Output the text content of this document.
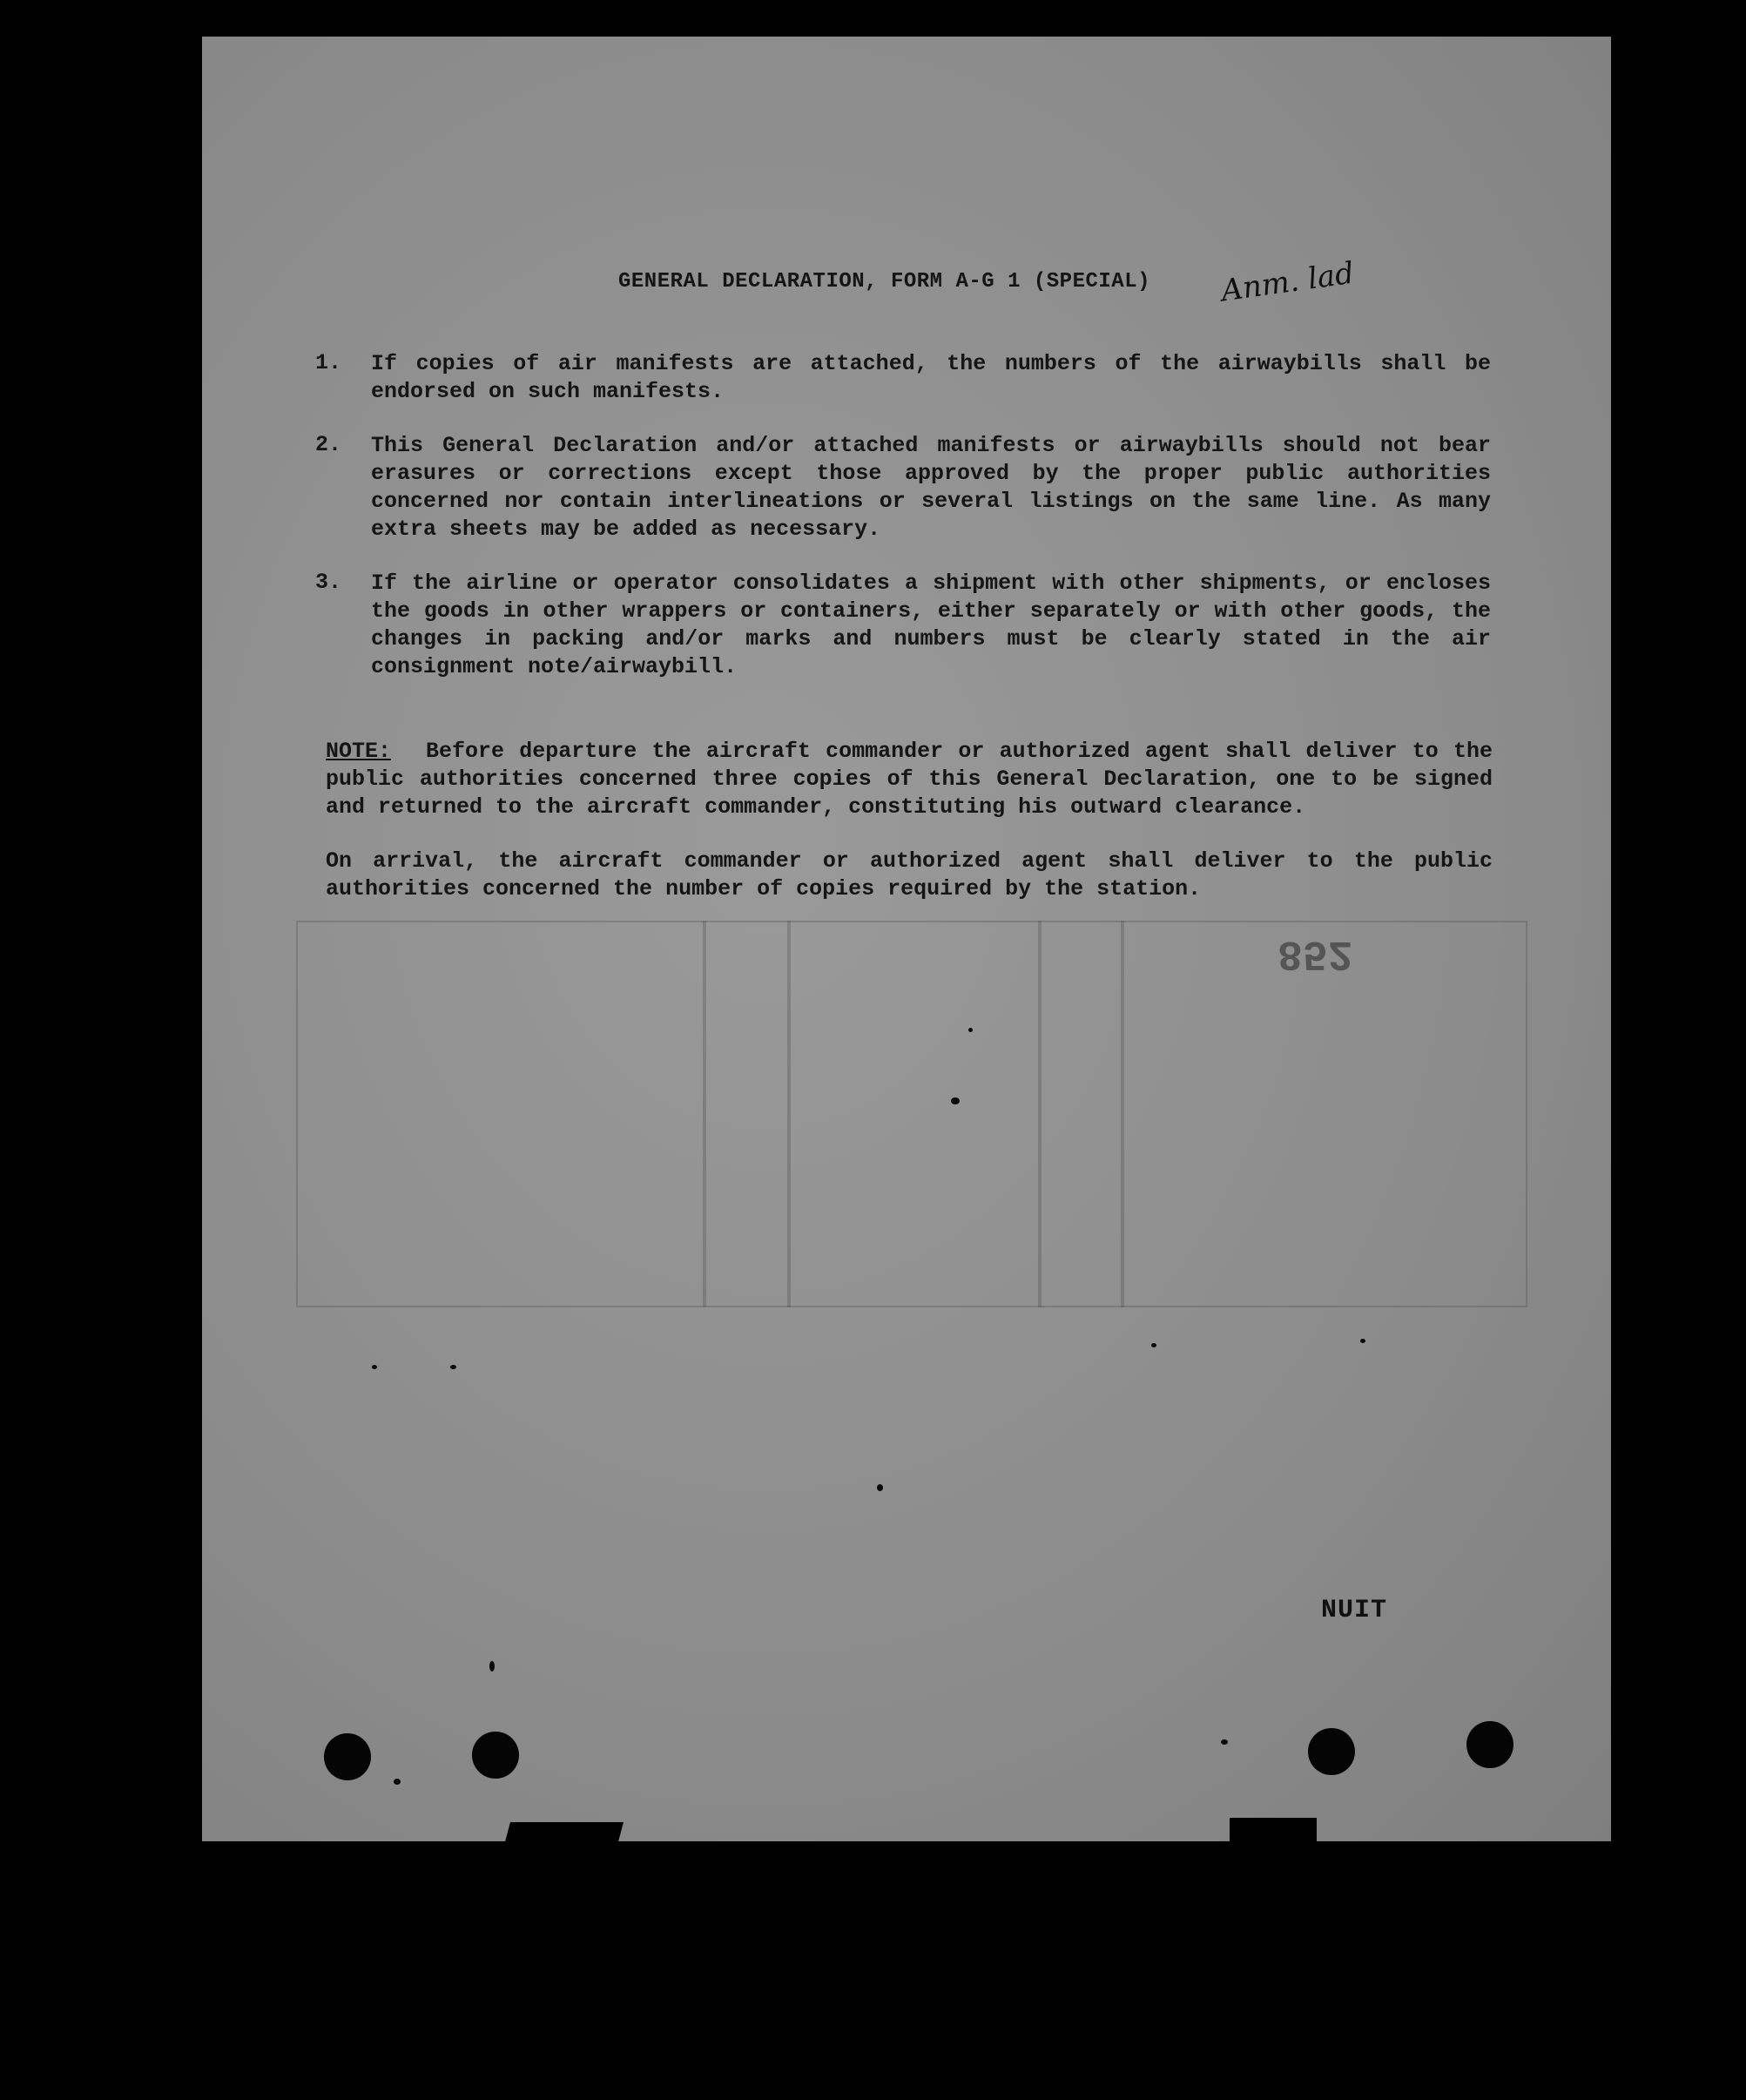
GENERAL DECLARATION, FORM A-G 1 (SPECIAL) Anm. lad
1. If copies of air manifests are attached, the numbers of the airwaybills shall be endorsed on such manifests.
2. This General Declaration and/or attached manifests or airwaybills should not bear erasures or corrections except those approved by the proper public authorities concerned nor contain interlineations or several listings on the same line. As many extra sheets may be added as necessary.
3. If the airline or operator consolidates a shipment with other shipments, or encloses the goods in other wrappers or containers, either separately or with other goods, the changes in packing and/or marks and numbers must be clearly stated in the air consignment note/airwaybill.

NOTE: Before departure the aircraft commander or authorized agent shall deliver to the public authorities concerned three copies of this General Declaration, one to be signed and returned to the aircraft commander, constituting his outward clearance.

On arrival, the aircraft commander or authorized agent shall deliver to the public authorities concerned the number of copies required by the station.

852
NUIT
